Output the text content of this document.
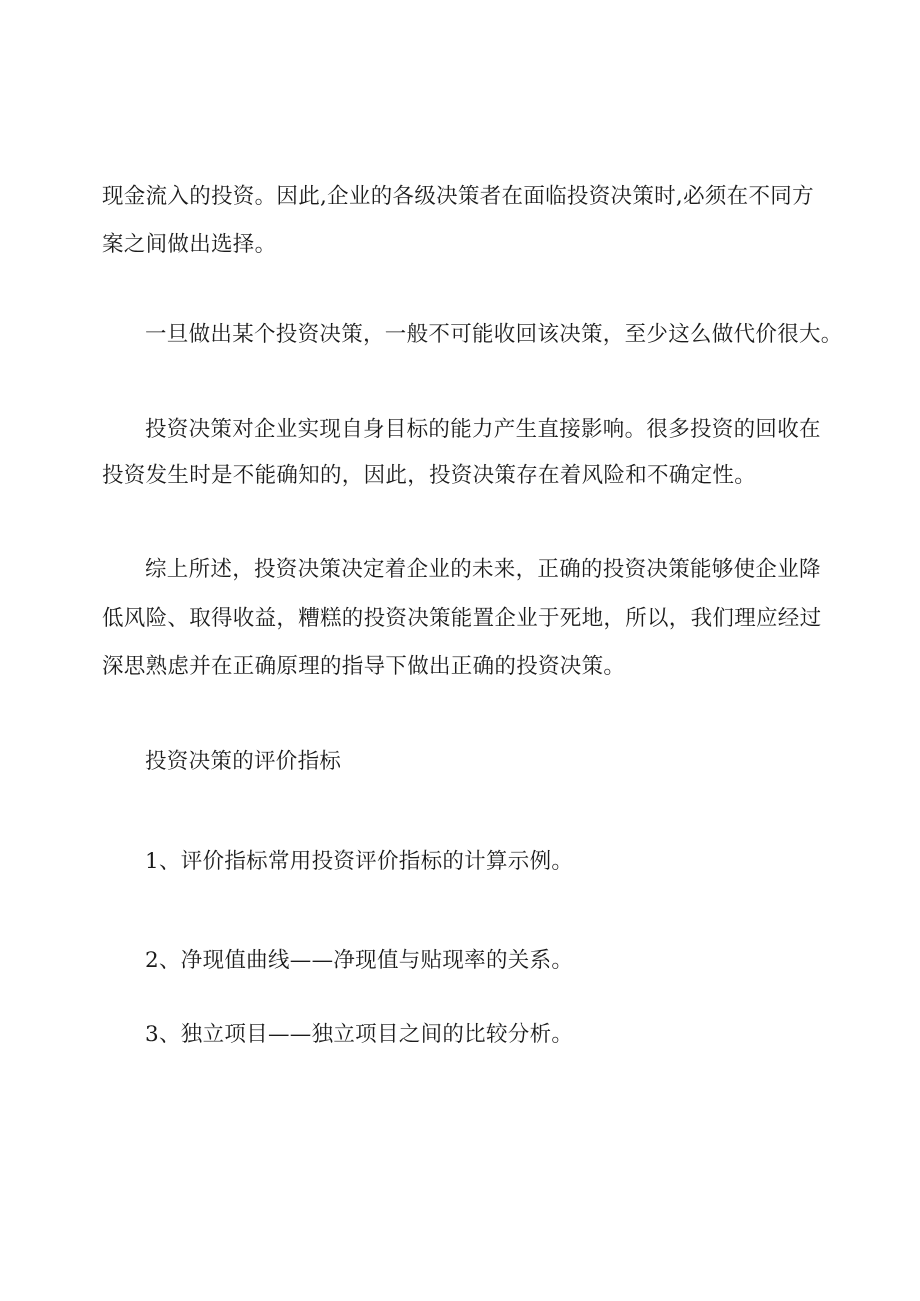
现金流入的投资。因此,企业的各级决策者在面临投资决策时,必须在不同方
案之间做出选择。
一旦做出某个投资决策，一般不可能收回该决策，至少这么做代价很大。
投资决策对企业实现自身目标的能力产生直接影响。很多投资的回收在
投资发生时是不能确知的，因此，投资决策存在着风险和不确定性。
综上所述，投资决策决定着企业的未来，正确的投资决策能够使企业降
低风险、取得收益，糟糕的投资决策能置企业于死地，所以，我们理应经过
深思熟虑并在正确原理的指导下做出正确的投资决策。
投资决策的评价指标
1、评价指标常用投资评价指标的计算示例。
2、净现值曲线——净现值与贴现率的关系。
3、独立项目——独立项目之间的比较分析。
